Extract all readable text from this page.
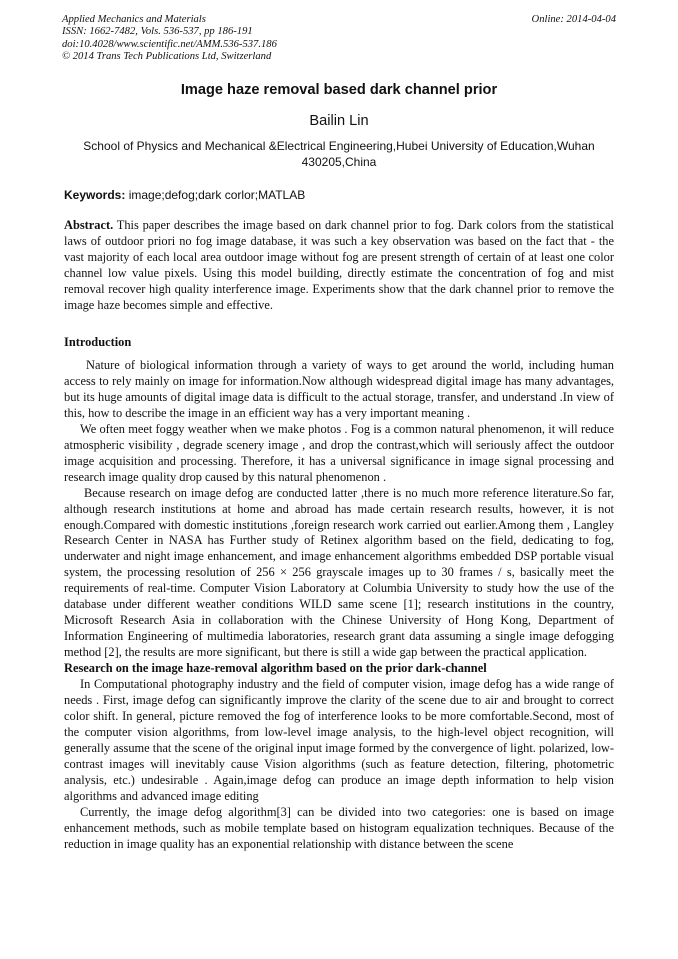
Applied Mechanics and Materials
ISSN: 1662-7482, Vols. 536-537, pp 186-191
doi:10.4028/www.scientific.net/AMM.536-537.186
© 2014 Trans Tech Publications Ltd, Switzerland
Online: 2014-04-04
Image haze removal based dark channel prior
Bailin Lin
School of Physics and Mechanical &Electrical Engineering,Hubei University of Education,Wuhan 430205,China
Keywords: image;defog;dark corlor;MATLAB
Abstract. This paper describes the image based on dark channel prior to fog. Dark colors from the statistical laws of outdoor priori no fog image database, it was such a key observation was based on the fact that - the vast majority of each local area outdoor image without fog are present strength of certain of at least one color channel low value pixels. Using this model building, directly estimate the concentration of fog and mist removal recover high quality interference image. Experiments show that the dark channel prior to remove the image haze becomes simple and effective.
Introduction

Nature of biological information through a variety of ways to get around the world, including human access to rely mainly on image for information.Now although widespread digital image has many advantages, but its huge amounts of digital image data is difficult to the actual storage, transfer, and understand .In view of this, how to describe the image in an efficient way has a very important meaning .

We often meet foggy weather when we make photos . Fog is a common natural phenomenon, it will reduce atmospheric visibility , degrade scenery image , and drop the contrast,which will seriously affect the outdoor image acquisition and processing. Therefore, it has a universal significance in image signal processing and research image quality drop caused by this natural phenomenon .

Because research on image defog are conducted latter ,there is no much more reference literature.So far, although research institutions at home and abroad has made certain research results, however, it is not enough.Compared with domestic institutions ,foreign research work carried out earlier.Among them , Langley Research Center in NASA has Further study of Retinex algorithm based on the field, dedicating to fog, underwater and night image enhancement, and image enhancement algorithms embedded DSP portable visual system, the processing resolution of 256 × 256 grayscale images up to 30 frames / s, basically meet the requirements of real-time. Computer Vision Laboratory at Columbia University to study how the use of the database under different weather conditions WILD same scene [1]; research institutions in the country, Microsoft Research Asia in collaboration with the Chinese University of Hong Kong, Department of Information Engineering of multimedia laboratories, research grant data assuming a single image defogging method [2], the results are more significant, but there is still a wide gap between the practical application.

Research on the image haze-removal algorithm based on the prior dark-channel

In Computational photography industry and the field of computer vision, image defog has a wide range of needs . First, image defog can significantly improve the clarity of the scene due to air and brought to correct color shift. In general, picture removed the fog of interference looks to be more comfortable.Second, most of the computer vision algorithms, from low-level image analysis, to the high-level object recognition, will generally assume that the scene of the original input image formed by the convergence of light. polarized, low-contrast images will inevitably cause Vision algorithms (such as feature detection, filtering, photometric analysis, etc.) undesirable . Again,image defog can produce an image depth information to help vision algorithms and advanced image editing

Currently, the image defog algorithm[3] can be divided into two categories: one is based on image enhancement methods, such as mobile template based on histogram equalization techniques. Because of the reduction in image quality has an exponential relationship with distance between the scene
